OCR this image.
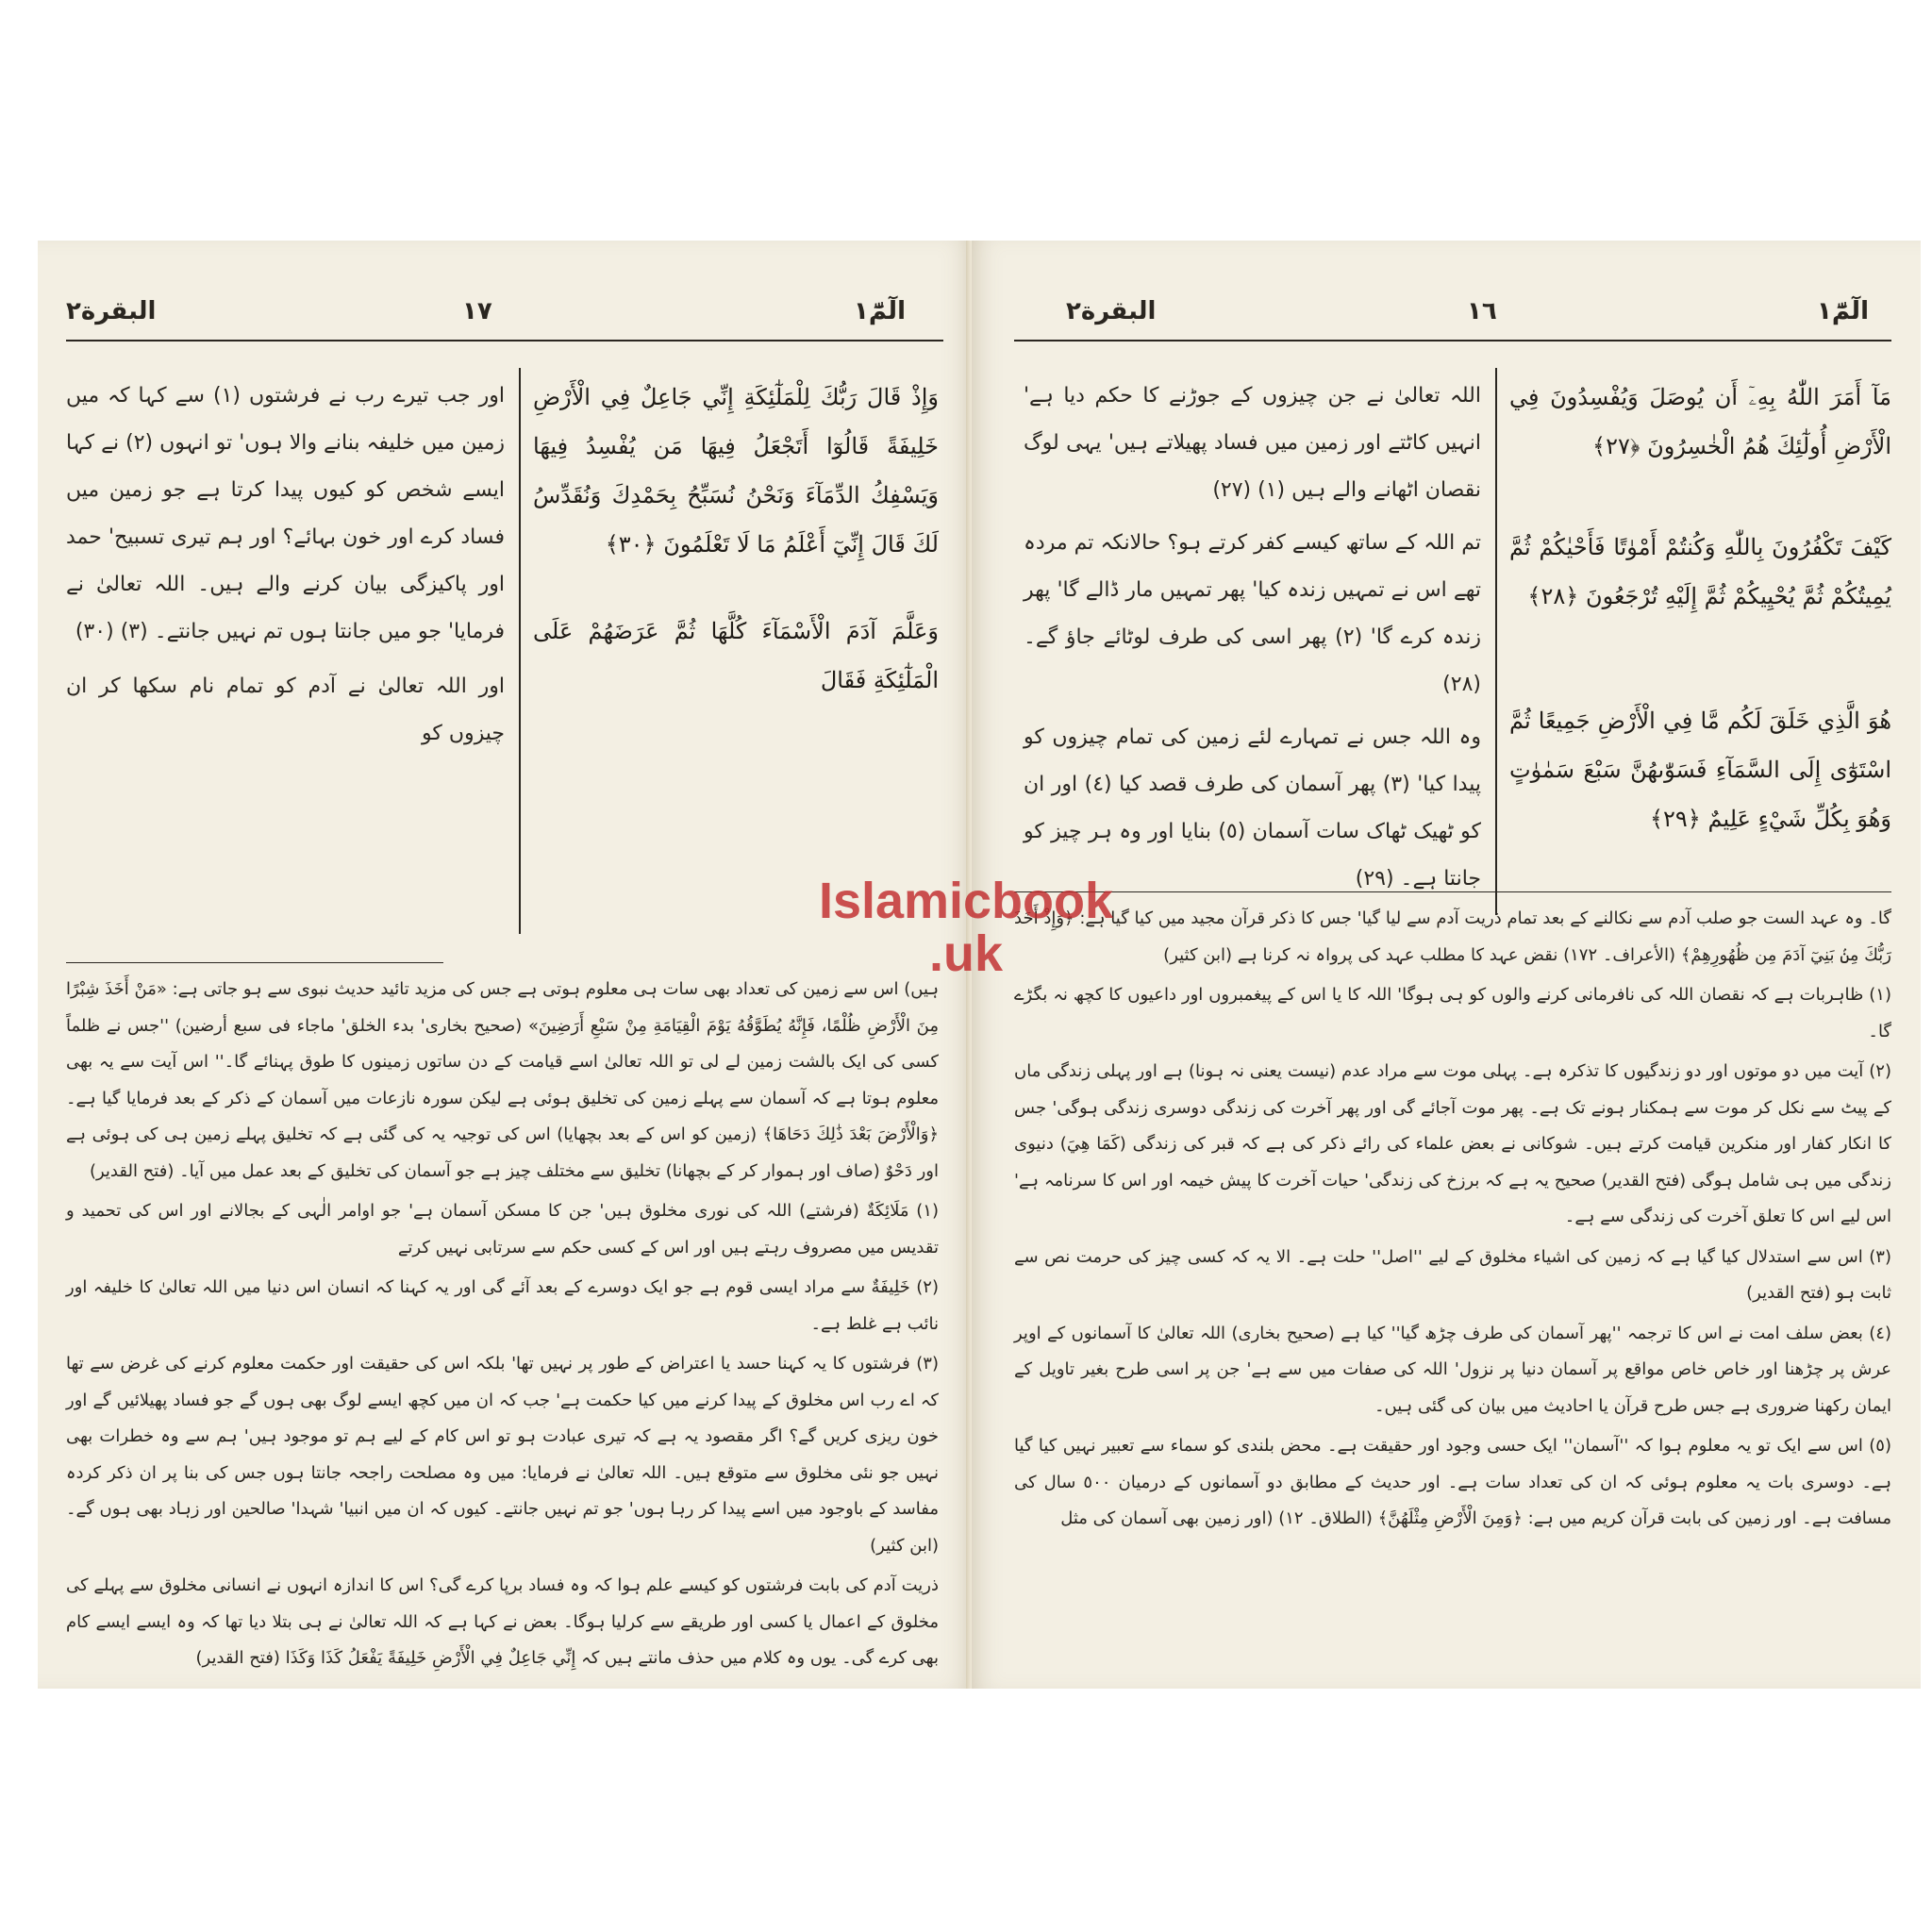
الٓمّٓ١
١٧
البقرة٢

وَإِذْ قَالَ رَبُّكَ لِلْمَلٰٓئِكَةِ إِنِّي جَاعِلٌ فِي الْأَرْضِ خَلِيفَةً قَالُوٓا أَتَجْعَلُ فِيهَا مَن يُفْسِدُ فِيهَا وَيَسْفِكُ الدِّمَآءَ وَنَحْنُ نُسَبِّحُ بِحَمْدِكَ وَنُقَدِّسُ لَكَ قَالَ إِنِّيٓ أَعْلَمُ مَا لَا تَعْلَمُونَ ﴿٣٠﴾

وَعَلَّمَ آدَمَ الْأَسْمَآءَ كُلَّهَا ثُمَّ عَرَضَهُمْ عَلَى الْمَلٰٓئِكَةِ فَقَالَ

اور جب تیرے رب نے فرشتوں (١) سے کہا کہ میں زمین میں خلیفہ بنانے والا ہوں' تو انہوں (٢) نے کہا ایسے شخص کو کیوں پیدا کرتا ہے جو زمین میں فساد کرے اور خون بہائے؟ اور ہم تیری تسبیح' حمد اور پاکیزگی بیان کرنے والے ہیں۔ اللہ تعالیٰ نے فرمایا' جو میں جانتا ہوں تم نہیں جانتے۔ (٣) (٣٠)

اور اللہ تعالیٰ نے آدم کو تمام نام سکھا کر ان چیزوں کو

ہیں) اس سے زمین کی تعداد بھی سات ہی معلوم ہوتی ہے جس کی مزید تائید حدیث نبوی سے ہو جاتی ہے: «مَنْ أَخَذَ شِبْرًا مِنَ الْأَرْضِ ظُلْمًا، فَإِنَّهُ يُطَوَّقُهُ يَوْمَ الْقِيَامَةِ مِنْ سَبْعِ أَرَضِينَ» (صحیح بخاری' بدء الخلق' ماجاء فی سبع أرضین) ''جس نے ظلماً کسی کی ایک بالشت زمین لے لی تو اللہ تعالیٰ اسے قیامت کے دن ساتوں زمینوں کا طوق پہنائے گا۔'' اس آیت سے یہ بھی معلوم ہوتا ہے کہ آسمان سے پہلے زمین کی تخلیق ہوئی ہے لیکن سورہ نازعات میں آسمان کے ذکر کے بعد فرمایا گیا ہے۔ ﴿وَالْأَرْضَ بَعْدَ ذَٰلِكَ دَحَاهَا﴾ (زمین کو اس کے بعد بچھایا) اس کی توجیہ یہ کی گئی ہے کہ تخلیق پہلے زمین ہی کی ہوئی ہے اور دَحْوٌ (صاف اور ہموار کر کے بچھانا) تخلیق سے مختلف چیز ہے جو آسمان کی تخلیق کے بعد عمل میں آیا۔ (فتح القدیر)

(١) مَلَائِكَةٌ (فرشتے) اللہ کی نوری مخلوق ہیں' جن کا مسکن آسمان ہے' جو اوامر الٰہی کے بجالانے اور اس کی تحمید و تقدیس میں مصروف رہتے ہیں اور اس کے کسی حکم سے سرتابی نہیں کرتے

(٢) خَلِيفَةٌ سے مراد ایسی قوم ہے جو ایک دوسرے کے بعد آئے گی اور یہ کہنا کہ انسان اس دنیا میں اللہ تعالیٰ کا خلیفہ اور نائب ہے غلط ہے۔

(٣) فرشتوں کا یہ کہنا حسد یا اعتراض کے طور پر نہیں تھا' بلکہ اس کی حقیقت اور حکمت معلوم کرنے کی غرض سے تھا کہ اے رب اس مخلوق کے پیدا کرنے میں کیا حکمت ہے' جب کہ ان میں کچھ ایسے لوگ بھی ہوں گے جو فساد پھیلائیں گے اور خون ریزی کریں گے؟ اگر مقصود یہ ہے کہ تیری عبادت ہو تو اس کام کے لیے ہم تو موجود ہیں' ہم سے وہ خطرات بھی نہیں جو نئی مخلوق سے متوقع ہیں۔ اللہ تعالیٰ نے فرمایا: میں وہ مصلحت راجحہ جانتا ہوں جس کی بنا پر ان ذکر کردہ مفاسد کے باوجود میں اسے پیدا کر رہا ہوں' جو تم نہیں جانتے۔ کیوں کہ ان میں انبیا' شہدا' صالحین اور زہاد بھی ہوں گے۔ (ابن کثیر)

ذریت آدم کی بابت فرشتوں کو کیسے علم ہوا کہ وہ فساد برپا کرے گی؟ اس کا اندازہ انہوں نے انسانی مخلوق سے پہلے کی مخلوق کے اعمال یا کسی اور طریقے سے کرلیا ہوگا۔ بعض نے کہا ہے کہ اللہ تعالیٰ نے ہی بتلا دیا تھا کہ وہ ایسے ایسے کام بھی کرے گی۔ یوں وہ کلام میں حذف مانتے ہیں کہ إِنِّي جَاعِلٌ فِي الْأَرْضِ خَلِيفَةً يَفْعَلُ كَذَا وَكَذَا (فتح القدیر)

الٓمّٓ١
١٦
البقرة٢

مَآ أَمَرَ اللّٰهُ بِهِۦٓ أَن يُوصَلَ وَيُفْسِدُونَ فِي الْأَرْضِ أُولٰٓئِكَ هُمُ الْخٰسِرُونَ ﴿٢٧﴾

كَيْفَ تَكْفُرُونَ بِاللّٰهِ وَكُنتُمْ أَمْوٰتًا فَأَحْيٰكُمْ ثُمَّ يُمِيتُكُمْ ثُمَّ يُحْيِيكُمْ ثُمَّ إِلَيْهِ تُرْجَعُونَ ﴿٢٨﴾

هُوَ الَّذِي خَلَقَ لَكُم مَّا فِي الْأَرْضِ جَمِيعًا ثُمَّ اسْتَوٰٓى إِلَى السَّمَآءِ فَسَوّٰىهُنَّ سَبْعَ سَمٰوٰتٍ وَهُوَ بِكُلِّ شَيْءٍ عَلِيمٌ ﴿٢٩﴾

اللہ تعالیٰ نے جن چیزوں کے جوڑنے کا حکم دیا ہے' انہیں کاٹتے اور زمین میں فساد پھیلاتے ہیں' یہی لوگ نقصان اٹھانے والے ہیں (١) (٢٧)

تم اللہ کے ساتھ کیسے کفر کرتے ہو؟ حالانکہ تم مردہ تھے اس نے تمہیں زندہ کیا' پھر تمہیں مار ڈالے گا' پھر زندہ کرے گا' (٢) پھر اسی کی طرف لوٹائے جاؤ گے۔ (٢٨)

وہ اللہ جس نے تمہارے لئے زمین کی تمام چیزوں کو پیدا کیا' (٣) پھر آسمان کی طرف قصد کیا (٤) اور ان کو ٹھیک ٹھاک سات آسمان (٥) بنایا اور وہ ہر چیز کو جانتا ہے۔ (٢٩)

گا۔ وہ عہد الست جو صلب آدم سے نکالنے کے بعد تمام ذریت آدم سے لیا گیا' جس کا ذکر قرآن مجید میں کیا گیا ہے: ﴿وَإِذْ أَخَذَ رَبُّكَ مِنۢ بَنِيٓ آدَمَ مِن ظُهُورِهِمْ﴾ (الأعراف۔ ١٧٢) نقض عہد کا مطلب عہد کی پرواہ نہ کرنا ہے (ابن کثیر)

(١) ظاہربات ہے کہ نقصان اللہ کی نافرمانی کرنے والوں کو ہی ہوگا' اللہ کا یا اس کے پیغمبروں اور داعیوں کا کچھ نہ بگڑے گا۔

(٢) آیت میں دو موتوں اور دو زندگیوں کا تذکرہ ہے۔ پہلی موت سے مراد عدم (نیست یعنی نہ ہونا) ہے اور پہلی زندگی ماں کے پیٹ سے نکل کر موت سے ہمکنار ہونے تک ہے۔ پھر موت آجائے گی اور پھر آخرت کی زندگی دوسری زندگی ہوگی' جس کا انکار کفار اور منکرین قیامت کرتے ہیں۔ شوکانی نے بعض علماء کی رائے ذکر کی ہے کہ قبر کی زندگی (كَمَا هِيَ) دنیوی زندگی میں ہی شامل ہوگی (فتح القدیر) صحیح یہ ہے کہ برزخ کی زندگی' حیات آخرت کا پیش خیمہ اور اس کا سرنامہ ہے' اس لیے اس کا تعلق آخرت کی زندگی سے ہے۔

(٣) اس سے استدلال کیا گیا ہے کہ زمین کی اشیاء مخلوق کے لیے ''اصل'' حلت ہے۔ الا یہ کہ کسی چیز کی حرمت نص سے ثابت ہو (فتح القدیر)

(٤) بعض سلف امت نے اس کا ترجمہ ''پھر آسمان کی طرف چڑھ گیا'' کیا ہے (صحیح بخاری) اللہ تعالیٰ کا آسمانوں کے اوپر عرش پر چڑھنا اور خاص خاص مواقع پر آسمان دنیا پر نزول' اللہ کی صفات میں سے ہے' جن پر اسی طرح بغیر تاویل کے ایمان رکھنا ضروری ہے جس طرح قرآن یا احادیث میں بیان کی گئی ہیں۔

(٥) اس سے ایک تو یہ معلوم ہوا کہ ''آسمان'' ایک حسی وجود اور حقیقت ہے۔ محض بلندی کو سماء سے تعبیر نہیں کیا گیا ہے۔ دوسری بات یہ معلوم ہوئی کہ ان کی تعداد سات ہے۔ اور حدیث کے مطابق دو آسمانوں کے درمیان ٥٠٠ سال کی مسافت ہے۔ اور زمین کی بابت قرآن کریم میں ہے: ﴿وَمِنَ الْأَرْضِ مِثْلَهُنَّ﴾ (الطلاق۔ ١٢) (اور زمین بھی آسمان کی مثل

Islamicbook
.uk
